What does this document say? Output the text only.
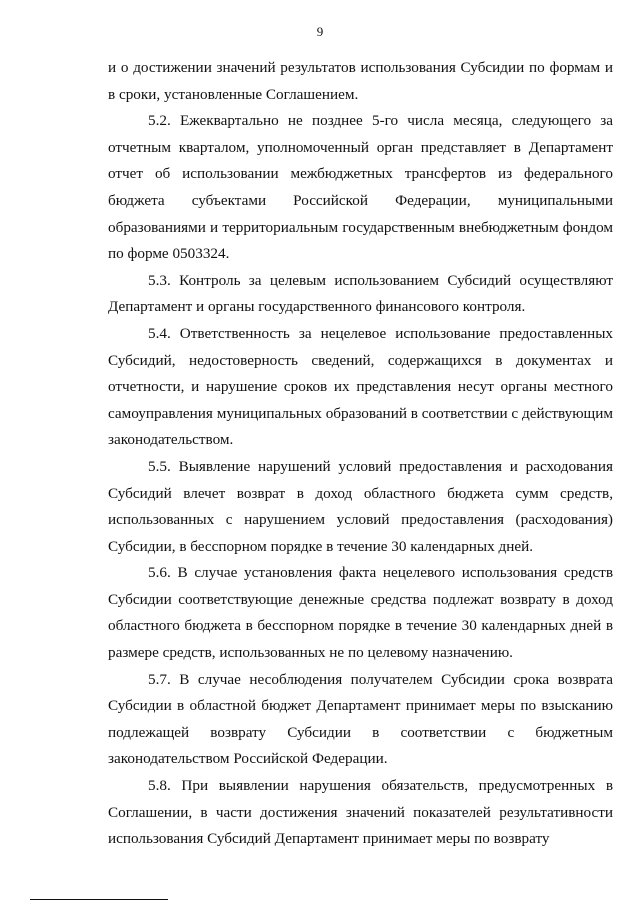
9

и о достижении значений результатов использования Субсидии по формам и в сроки, установленные Соглашением.

5.2. Ежеквартально не позднее 5-го числа месяца, следующего за отчетным кварталом, уполномоченный орган представляет в Департамент отчет об использовании межбюджетных трансфертов из федерального бюджета субъектами Российской Федерации, муниципальными образованиями и территориальным государственным внебюджетным фондом по форме 0503324.

5.3. Контроль за целевым использованием Субсидий осуществляют Департамент и органы государственного финансового контроля.

5.4. Ответственность за нецелевое использование предоставленных Субсидий, недостоверность сведений, содержащихся в документах и отчетности, и нарушение сроков их представления несут органы местного самоуправления муниципальных образований в соответствии с действующим законодательством.

5.5. Выявление нарушений условий предоставления и расходования Субсидий влечет возврат в доход областного бюджета сумм средств, использованных с нарушением условий предоставления (расходования) Субсидии, в бесспорном порядке в течение 30 календарных дней.

5.6. В случае установления факта нецелевого использования средств Субсидии соответствующие денежные средства подлежат возврату в доход областного бюджета в бесспорном порядке в течение 30 календарных дней в размере средств, использованных не по целевому назначению.

5.7. В случае несоблюдения получателем Субсидии срока возврата Субсидии в областной бюджет Департамент принимает меры по взысканию подлежащей возврату Субсидии в соответствии с бюджетным законодательством Российской Федерации.

5.8. При выявлении нарушения обязательств, предусмотренных в Соглашении, в части достижения значений показателей результативности использования Субсидий Департамент принимает меры по возврату
